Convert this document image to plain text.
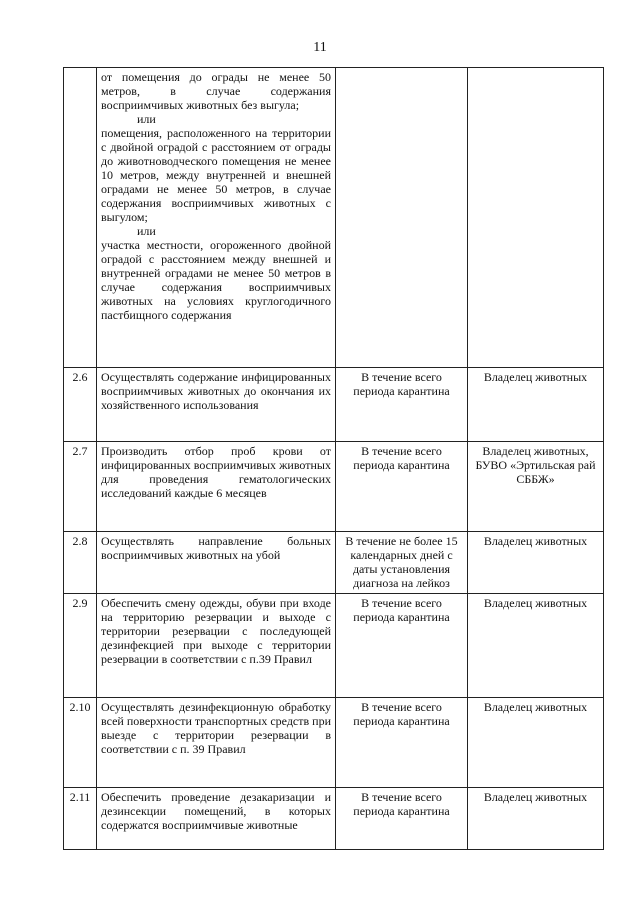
11

	от помещения до ограды не менее 50 метров, в случае содержания восприимчивых животных без выгула;
или
помещения, расположенного на территории с двойной оградой с расстоянием от ограды до животноводческого помещения не менее 10 метров, между внутренней и внешней оградами не менее 50 метров, в случае содержания восприимчивых животных с выгулом;
или
участка местности, огороженного двойной оградой с расстоянием между внешней и внутренней оградами не менее 50 метров в случае содержания восприимчивых животных на условиях круглогодичного пастбищного содержания		

2.6	Осуществлять содержание инфицированных восприимчивых животных до окончания их хозяйственного использования	В течение всего периода карантина	Владелец животных
2.7	Производить отбор проб крови от инфицированных восприимчивых животных для проведения гематологических исследований каждые 6 месяцев	В течение всего периода карантина	Владелец животных, БУВО «Эртильская рай СББЖ»
2.8	Осуществлять направление больных восприимчивых животных на убой	В течение не более 15 календарных дней с даты установления диагноза на лейкоз	Владелец животных
2.9	Обеспечить смену одежды, обуви при входе на территорию резервации и выходе с территории резервации с последующей дезинфекцией при выходе с территории резервации в соответствии с п.39 Правил	В течение всего периода карантина	Владелец животных
2.10	Осуществлять дезинфекционную обработку всей поверхности транспортных средств при выезде с территории резервации в соответствии с п. 39 Правил	В течение всего периода карантина	Владелец животных
2.11	Обеспечить проведение дезакаризации и дезинсекции помещений, в которых содержатся восприимчивые животные	В течение всего периода карантина	Владелец животных
